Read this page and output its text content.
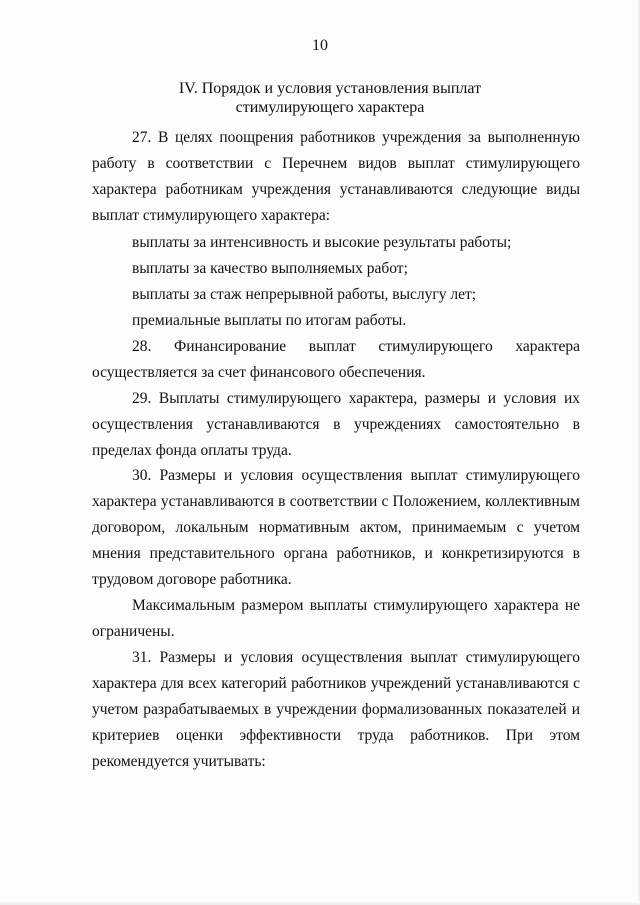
10
IV. Порядок и условия установления выплат
стимулирующего характера
27. В целях поощрения работников учреждения за выполненную работу в соответствии с Перечнем видов выплат стимулирующего характера работникам учреждения устанавливаются следующие виды выплат стимулирующего характера:
выплаты за интенсивность и высокие результаты работы;
выплаты за качество выполняемых работ;
выплаты за стаж непрерывной работы, выслугу лет;
премиальные выплаты по итогам работы.
28. Финансирование выплат стимулирующего характера осуществляется за счет финансового обеспечения.
29. Выплаты стимулирующего характера, размеры и условия их осуществления устанавливаются в учреждениях самостоятельно в пределах фонда оплаты труда.
30. Размеры и условия осуществления выплат стимулирующего характера устанавливаются в соответствии с Положением, коллективным договором, локальным нормативным актом, принимаемым с учетом мнения представительного органа работников, и конкретизируются в трудовом договоре работника.
Максимальным размером выплаты стимулирующего характера не ограничены.
31. Размеры и условия осуществления выплат стимулирующего характера для всех категорий работников учреждений устанавливаются с учетом разрабатываемых в учреждении формализованных показателей и критериев оценки эффективности труда работников. При этом рекомендуется учитывать:
